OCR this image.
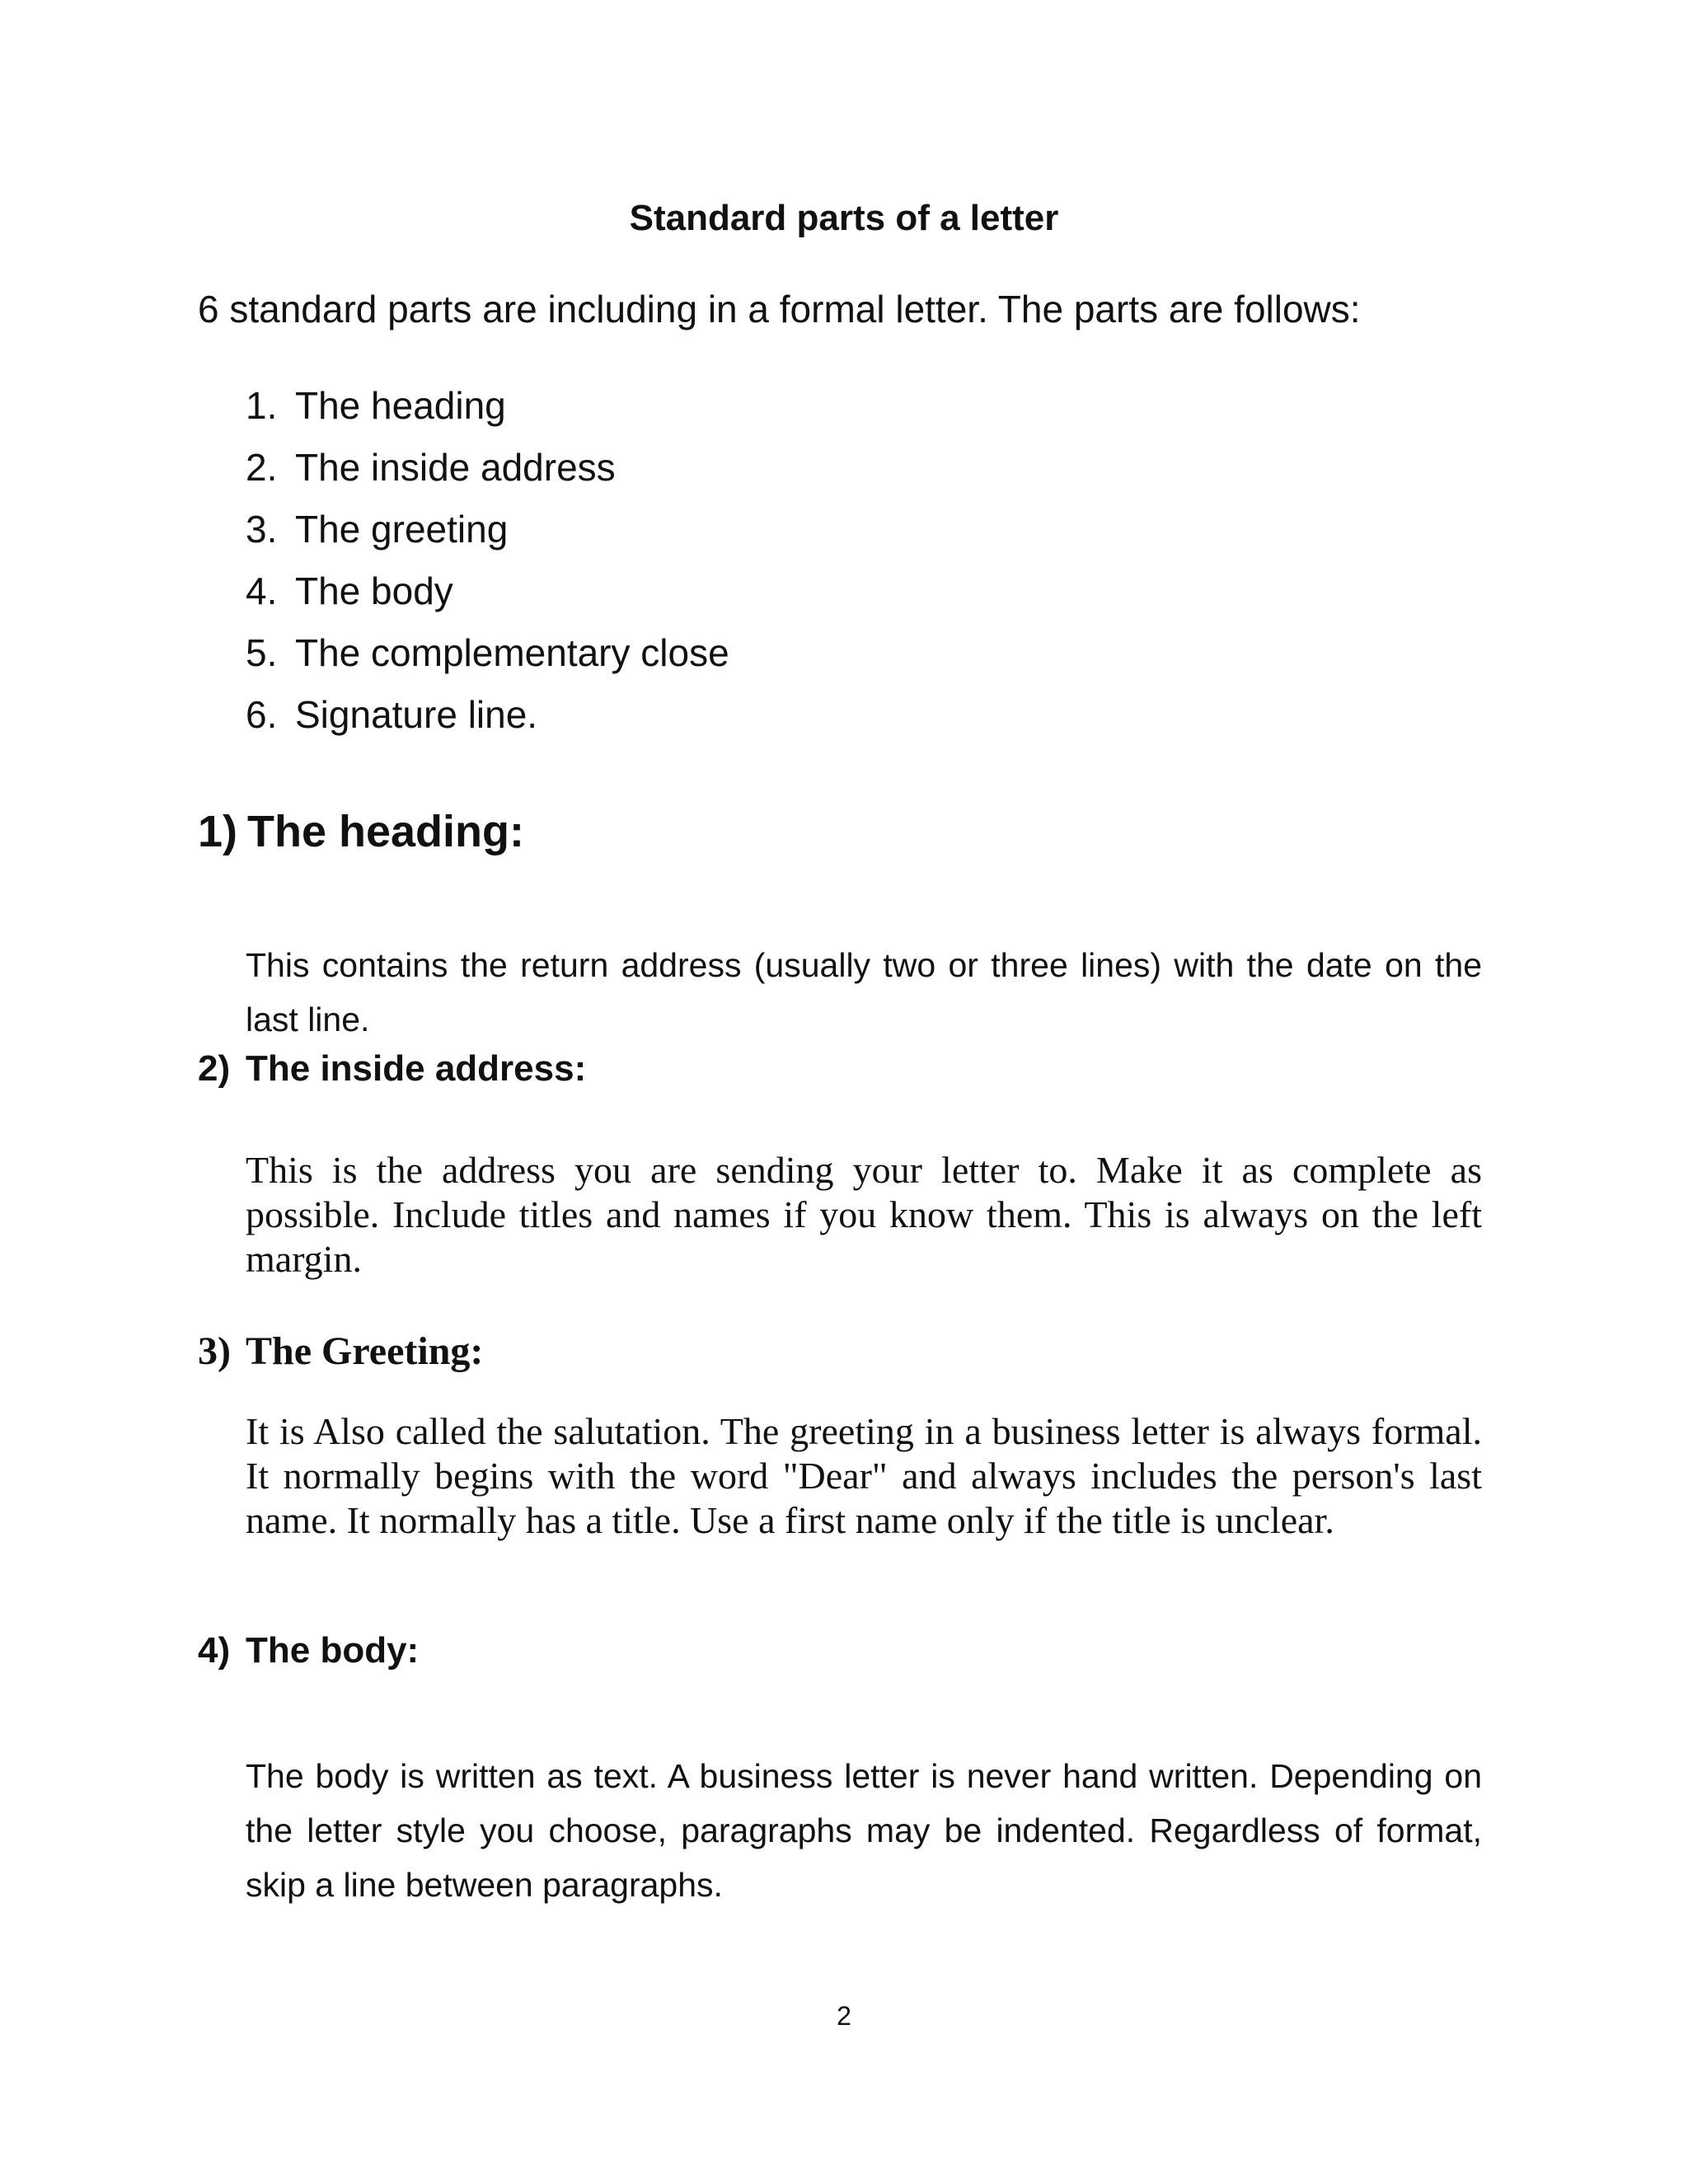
Standard parts of a letter
6 standard parts are including in a formal letter. The parts are follows:
1. The heading
2. The inside address
3. The greeting
4. The body
5. The complementary close
6. Signature line.
1) The heading:

This contains the return address (usually two or three lines) with the date on the last line.

2) The inside address:

This is the address you are sending your letter to. Make it as complete as possible. Include titles and names if you know them. This is always on the left margin.

3) The Greeting:

It is Also called the salutation. The greeting in a business letter is always formal. It normally begins with the word "Dear" and always includes the person's last name. It normally has a title. Use a first name only if the title is unclear.

4) The body:

The body is written as text. A business letter is never hand written. Depending on the letter style you choose, paragraphs may be indented. Regardless of format, skip a line between paragraphs.

2
